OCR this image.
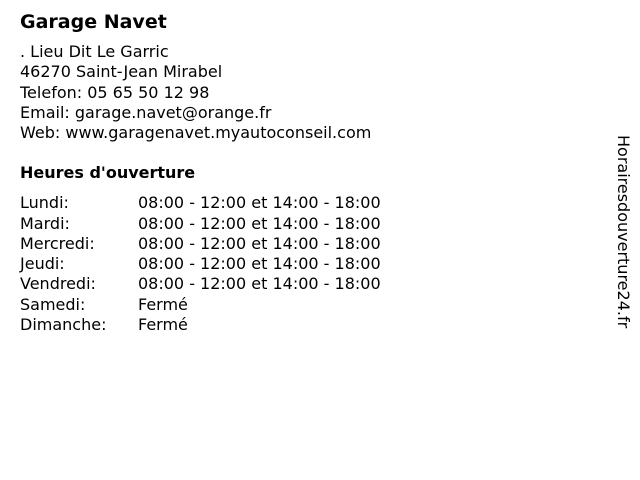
Garage Navet
. Lieu Dit Le Garric
46270 Saint-Jean Mirabel
Telefon: 05 65 50 12 98
Email: garage.navet@orange.fr
Web: www.garagenavet.myautoconseil.com
Heures d'ouverture
Lundi:	08:00 - 12:00 et 14:00 - 18:00
Mardi:	08:00 - 12:00 et 14:00 - 18:00
Mercredi:	08:00 - 12:00 et 14:00 - 18:00
Jeudi:	08:00 - 12:00 et 14:00 - 18:00
Vendredi:	08:00 - 12:00 et 14:00 - 18:00
Samedi:	Fermé
Dimanche:	Fermé	Horairesdouverture24.fr
